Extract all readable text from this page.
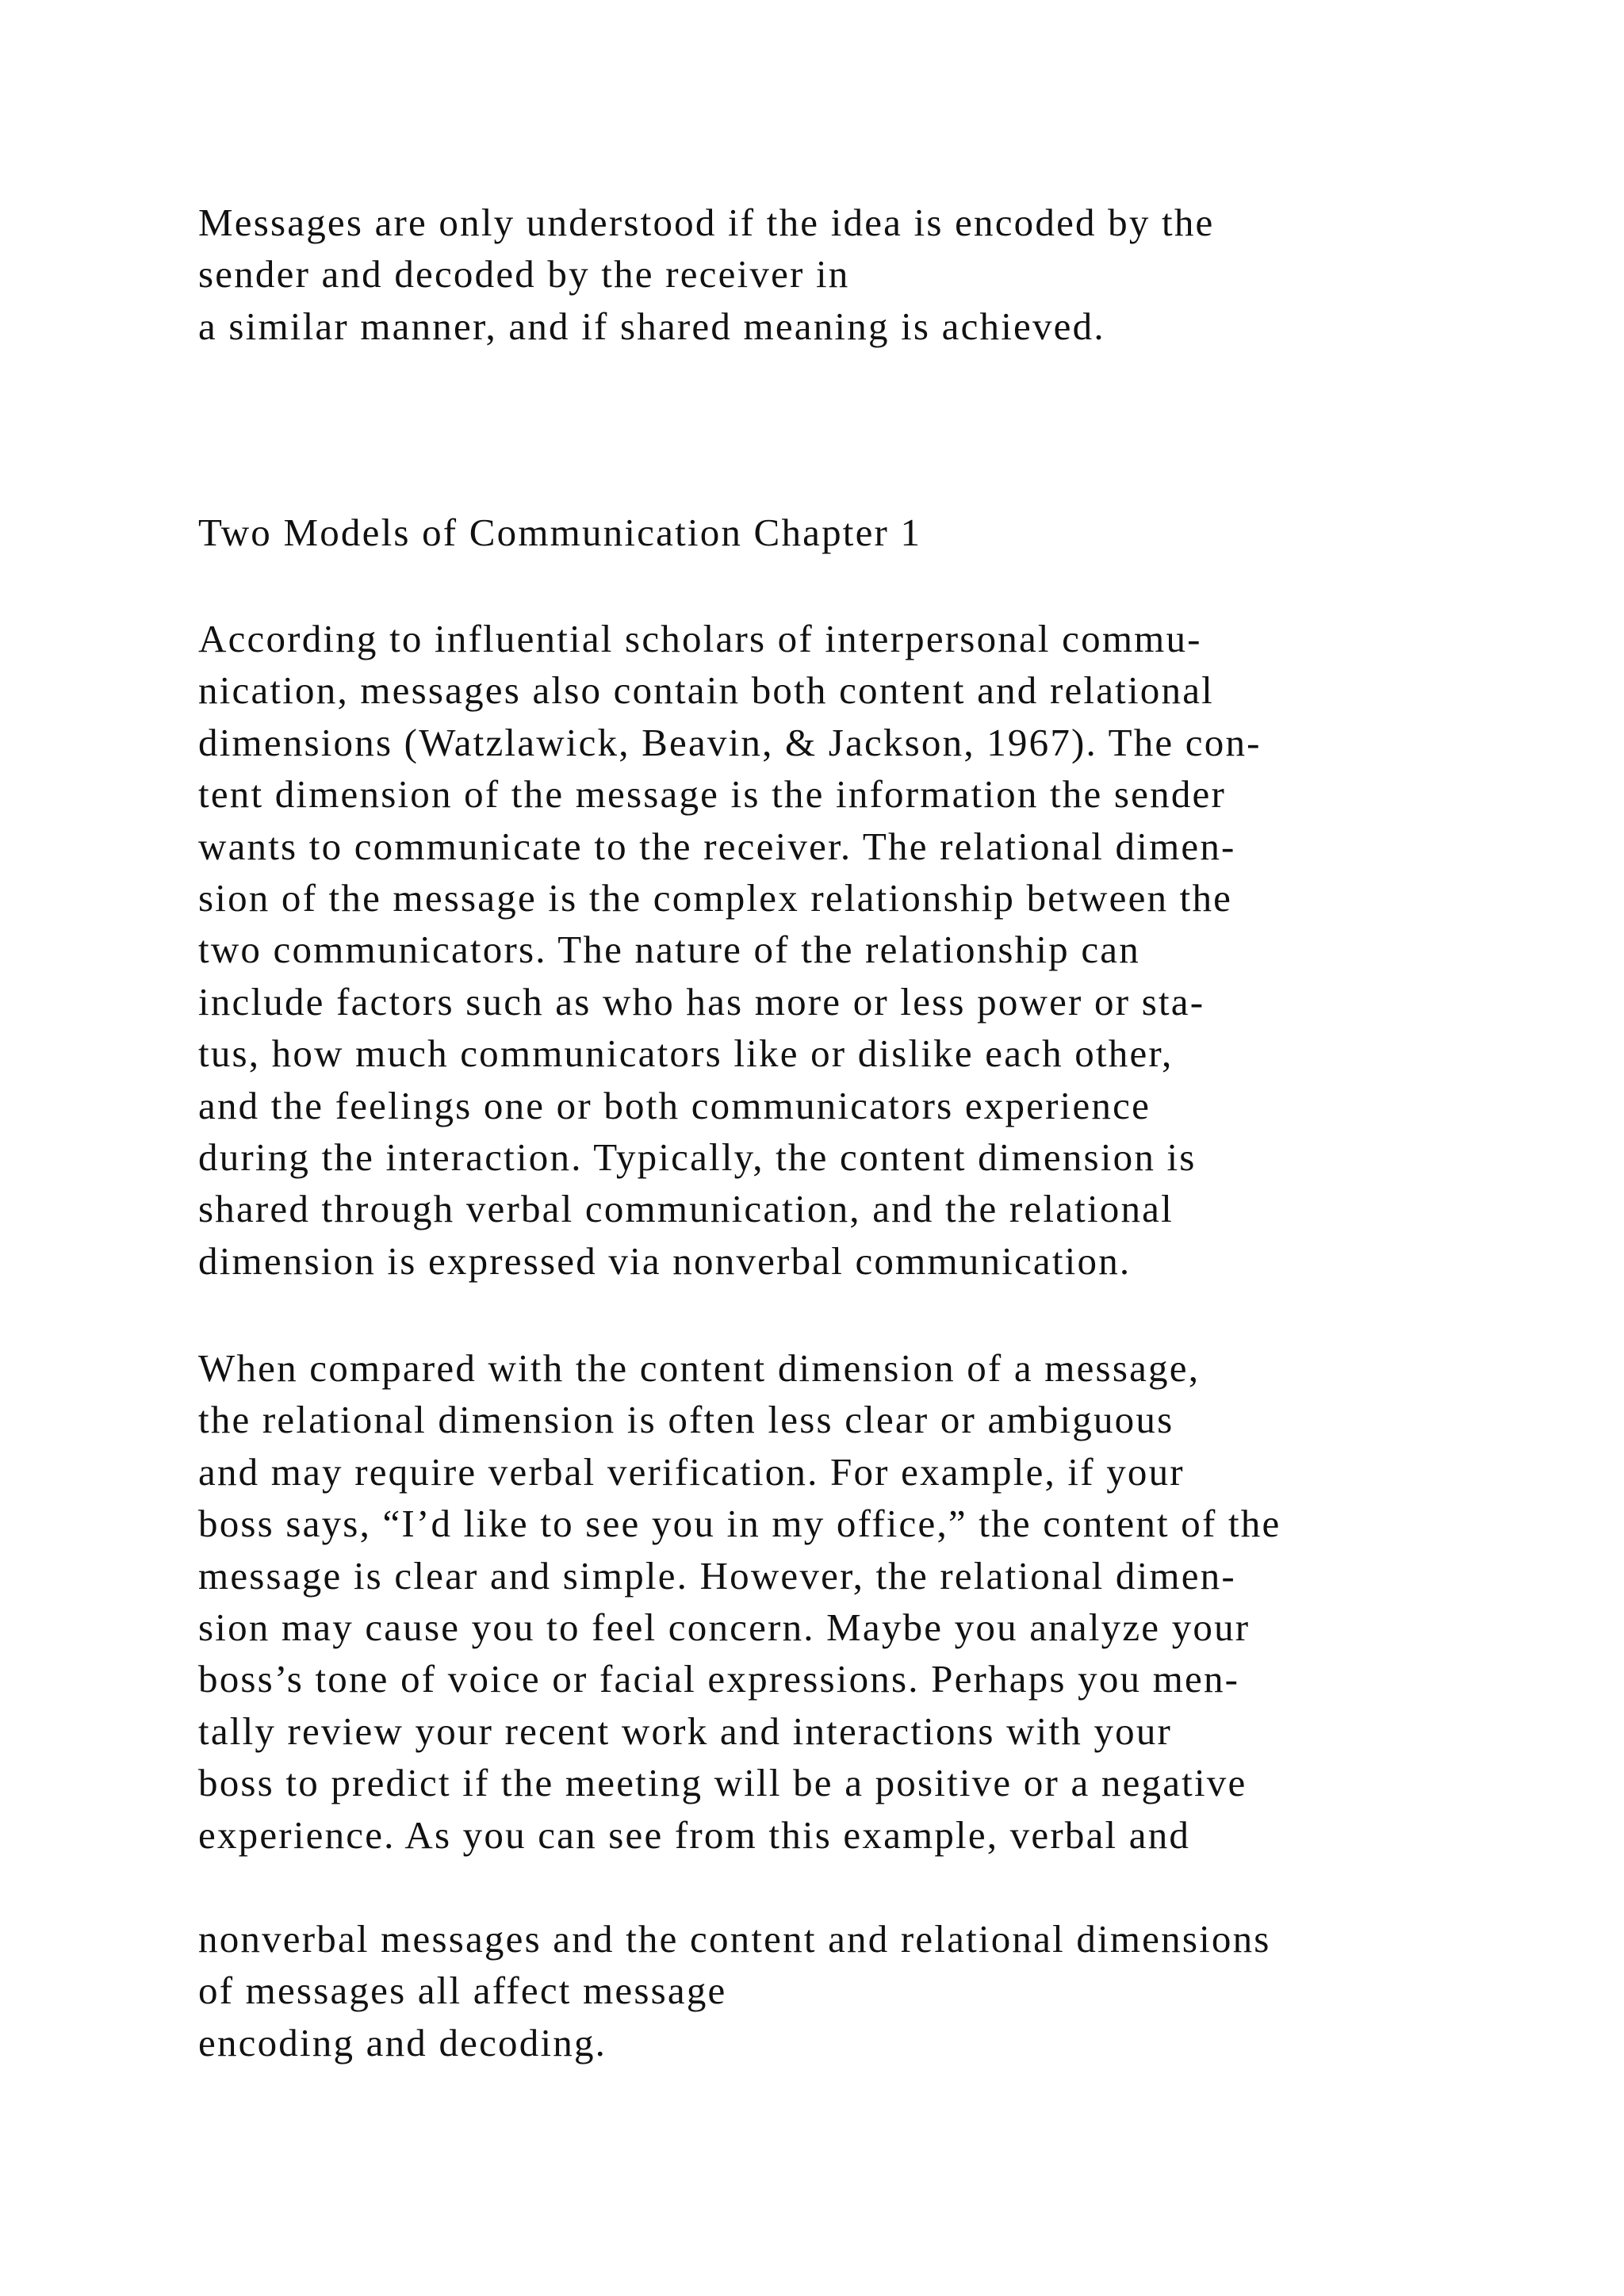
Messages are only understood if the idea is encoded by the
sender and decoded by the receiver in
a similar manner, and if shared meaning is achieved.

Two Models of Communication Chapter 1

According to influential scholars of interpersonal commu-
nication, messages also contain both content and relational
dimensions (Watzlawick, Beavin, & Jackson, 1967). The con-
tent dimension of the message is the information the sender
wants to communicate to the receiver. The relational dimen-
sion of the message is the complex relationship between the
two communicators. The nature of the relationship can
include factors such as who has more or less power or sta-
tus, how much communicators like or dislike each other,
and the feelings one or both communicators experience
during the interaction. Typically, the content dimension is
shared through verbal communication, and the relational
dimension is expressed via nonverbal communication.

When compared with the content dimension of a message,
the relational dimension is often less clear or ambiguous
and may require verbal verification. For example, if your
boss says, “I’d like to see you in my office,” the content of the
message is clear and simple. However, the relational dimen-
sion may cause you to feel concern. Maybe you analyze your
boss’s tone of voice or facial expressions. Perhaps you men-
tally review your recent work and interactions with your
boss to predict if the meeting will be a positive or a negative
experience. As you can see from this example, verbal and

nonverbal messages and the content and relational dimensions
of messages all affect message
encoding and decoding.
